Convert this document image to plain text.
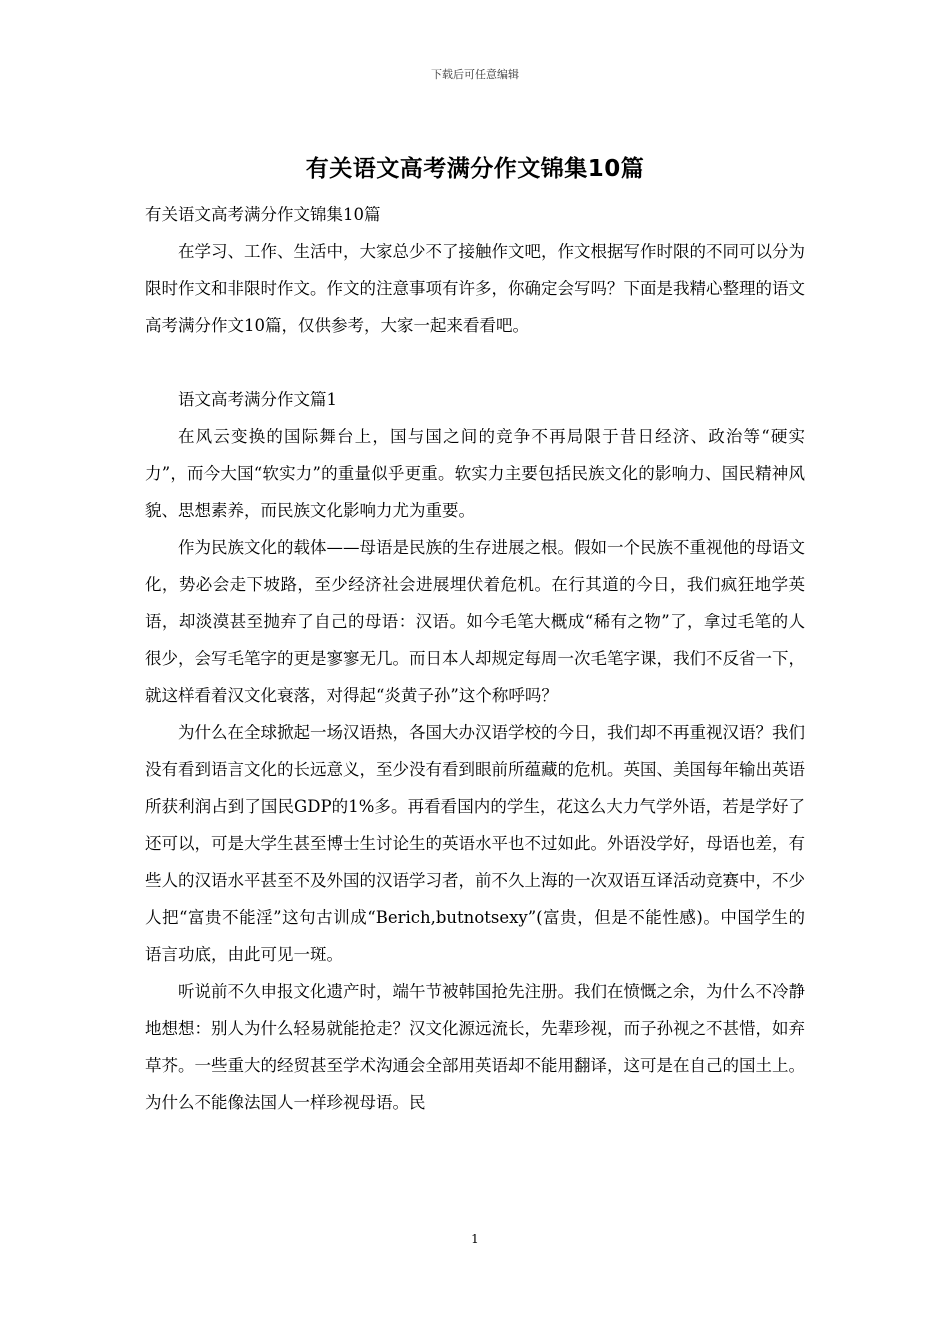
下载后可任意编辑
有关语文高考满分作文锦集10篇

有关语文高考满分作文锦集10篇

在学习、工作、生活中，大家总少不了接触作文吧，作文根据写作时限的不同可以分为限时作文和非限时作文。作文的注意事项有许多，你确定会写吗？下面是我精心整理的语文高考满分作文10篇，仅供参考，大家一起来看看吧。

语文高考满分作文篇1

在风云变换的国际舞台上，国与国之间的竞争不再局限于昔日经济、政治等“硬实力”，而今大国“软实力”的重量似乎更重。软实力主要包括民族文化的影响力、国民精神风貌、思想素养，而民族文化影响力尤为重要。

作为民族文化的载体——母语是民族的生存进展之根。假如一个民族不重视他的母语文化，势必会走下坡路，至少经济社会进展埋伏着危机。在行其道的今日，我们疯狂地学英语，却淡漠甚至抛弃了自己的母语：汉语。如今毛笔大概成“稀有之物”了，拿过毛笔的人很少，会写毛笔字的更是寥寥无几。而日本人却规定每周一次毛笔字课，我们不反省一下，就这样看着汉文化衰落，对得起“炎黄子孙”这个称呼吗？

为什么在全球掀起一场汉语热，各国大办汉语学校的今日，我们却不再重视汉语？我们没有看到语言文化的长远意义，至少没有看到眼前所蕴藏的危机。英国、美国每年输出英语所获利润占到了国民GDP的1%多。再看看国内的学生，花这么大力气学外语，若是学好了还可以，可是大学生甚至博士生讨论生的英语水平也不过如此。外语没学好，母语也差，有些人的汉语水平甚至不及外国的汉语学习者，前不久上海的一次双语互译活动竞赛中，不少人把“富贵不能淫”这句古训成“Berich,butnotsexy”(富贵，但是不能性感)。中国学生的语言功底，由此可见一斑。

听说前不久申报文化遗产时，端午节被韩国抢先注册。我们在愤慨之余，为什么不冷静地想想：别人为什么轻易就能抢走？汉文化源远流长，先辈珍视，而子孙视之不甚惜，如弃草芥。一些重大的经贸甚至学术沟通会全部用英语却不能用翻译，这可是在自己的国土上。为什么不能像法国人一样珍视母语。民

1
